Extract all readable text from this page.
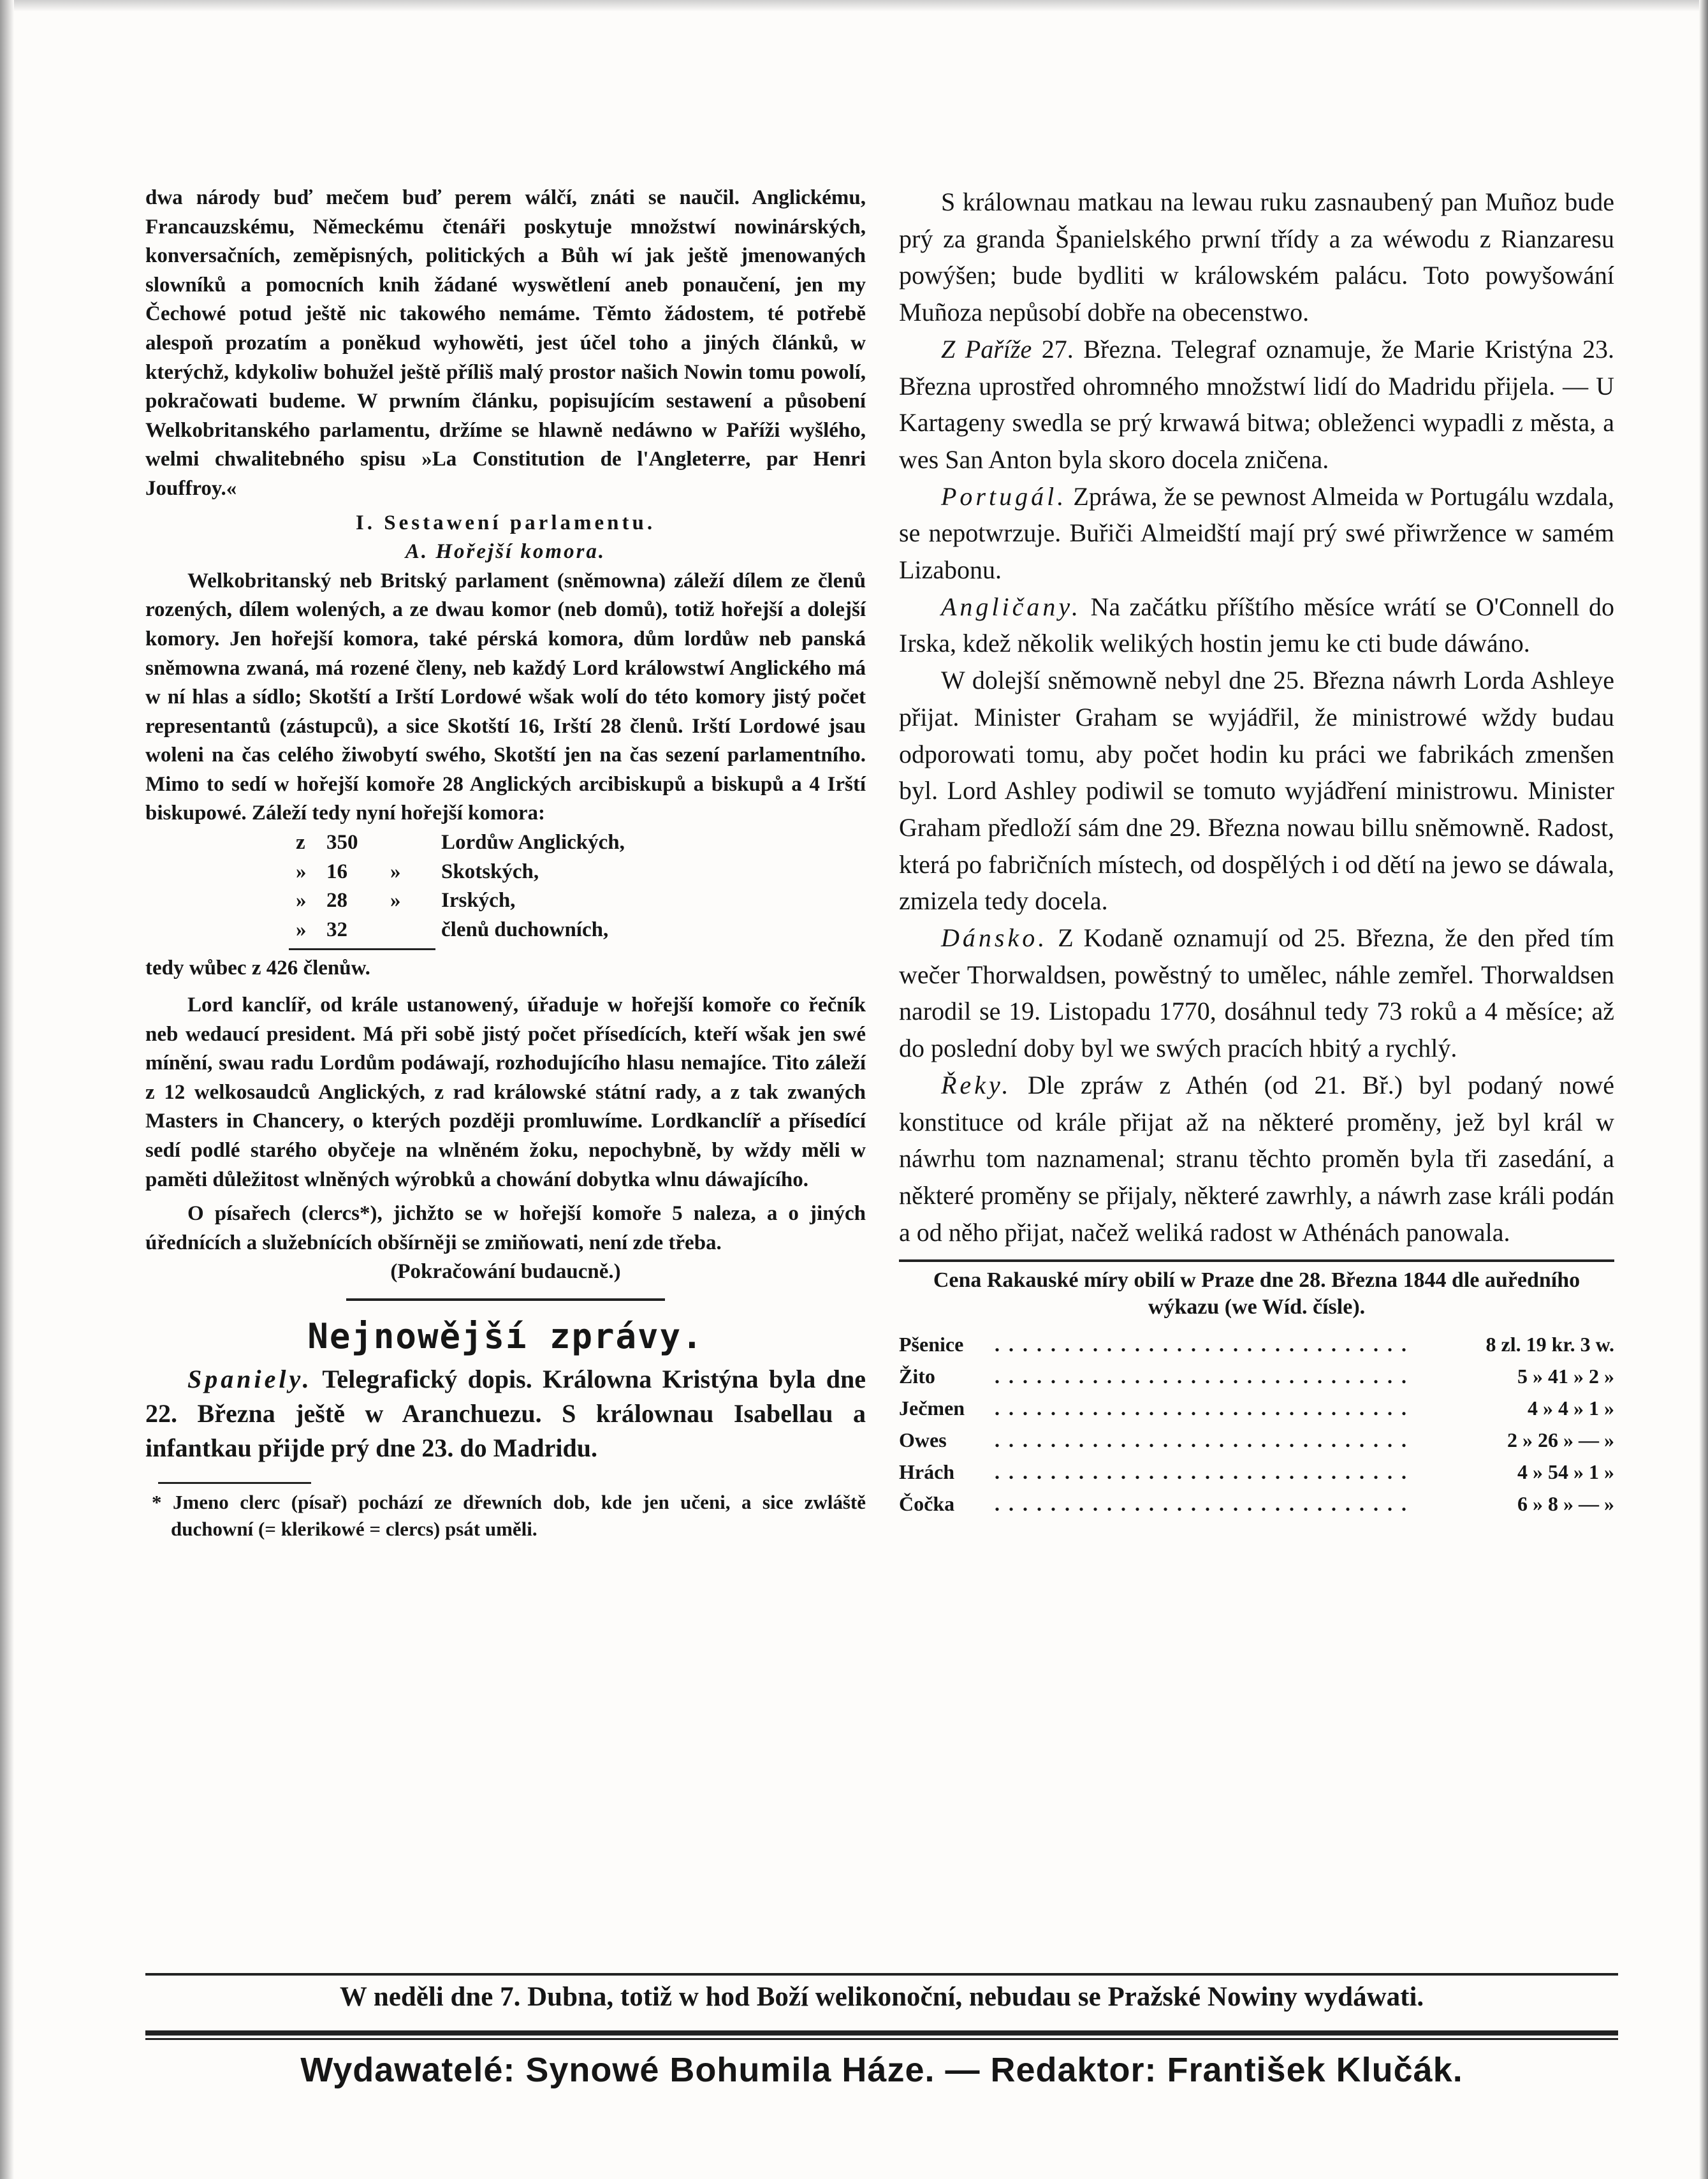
dwa národy buď mečem buď perem wálčí, znáti se naučil. Anglickému, Francauzskému, Německému čtenáři poskytuje množstwí nowinárských, konversačních, zeměpisných, politických a Bůh wí jak ještě jmenowaných slowníků a pomocních knih žádané wyswětlení aneb ponaučení, jen my Čechowé potud ještě nic takowého nemáme. Těmto žádostem, té potřebě alespoň prozatím a poněkud wyhowěti, jest účel toho a jiných článků, w kterýchž, kdykoliw bohužel ještě příliš malý prostor našich Nowin tomu powolí, pokračowati budeme. W prwním článku, popisujícím sestawení a působení Welkobritanského parlamentu, držíme se hlawně nedáwno w Paříži wyšlého, welmi chwalitebného spisu »La Constitution de l'Angleterre, par Henri Jouffroy.«

I. Sestawení parlamentu.

A. Hořejší komora.

Welkobritanský neb Britský parlament (sněmowna) záleží dílem ze členů rozených, dílem wolených, a ze dwau komor (neb domů), totiž hořejší a dolejší komory. Jen hořejší komora, také pérská komora, dům lordůw neb panská sněmowna zwaná, má rozené členy, neb každý Lord králowstwí Anglického má w ní hlas a sídlo; Skotští a Irští Lordowé wšak wolí do této komory jistý počet representantů (zástupců), a sice Skotští 16, Irští 28 členů. Irští Lordowé jsau woleni na čas celého žiwobytí swého, Skotští jen na čas sezení parlamentního. Mimo to sedí w hořejší komoře 28 Anglických arcibiskupů a biskupů a 4 Irští biskupowé. Záleží tedy nyní hořejší komora:

z 350	Lordůw Anglických,
» 16 » Skotských,
» 28 » Irských,
» 32	členů duchowních,

tedy wůbec z 426 členůw.

Lord kanclíř, od krále ustanowený, úřaduje w hořejší komoře co řečník neb wedaucí president. Má při sobě jistý počet přísedících, kteří wšak jen swé mínění, swau radu Lordům podáwají, rozhodujícího hlasu nemajíce. Tito záleží z 12 welkosaudců Anglických, z rad králowské státní rady, a z tak zwaných Masters in Chancery, o kterých později promluwíme. Lordkanclíř a přísedící sedí podlé starého obyčeje na wlněném žoku, nepochybně, by wždy měli w paměti důležitost wlněných wýrobků a chowání dobytka wlnu dáwajícího.

O písařech (clercs*), jichžto se w hořejší komoře 5 naleza, a o jiných úřednících a služebnících obšírněji se zmiňowati, není zde třeba.

(Pokračowání budaucně.)

Nejnowější zprávy.

Spaniely. Telegrafický dopis. Králowna Kristýna byla dne 22. Března ještě w Aranchuezu. S králownau Isabellau a infantkau přijde prý dne 23. do Madridu.

* Jmeno clerc (písař) pochází ze dřewních dob, kde jen učeni, a sice zwláště duchowní (= klerikowé = clercs) psát uměli.

S králownau matkau na lewau ruku zasnaubený pan Muñoz bude prý za granda Španielského prwní třídy a za wéwodu z Rianzaresu powýšen; bude bydliti w králowském palácu. Toto powyšowání Muñoza nepůsobí dobře na obecenstwo.

Z Paříže 27. Března. Telegraf oznamuje, že Marie Kristýna 23. Března uprostřed ohromného množstwí lidí do Madridu přijela. — U Kartageny swedla se prý krwawá bitwa; obleženci wypadli z města, a wes San Anton byla skoro docela zničena.

Portugál. Zpráwa, že se pewnost Almeida w Portugálu wzdala, se nepotwrzuje. Buřiči Almeidští mají prý swé přiwržence w samém Lizabonu.

Angličany. Na začátku příštího měsíce wrátí se O'Connell do Irska, kdež několik welikých hostin jemu ke cti bude dáwáno.

W dolejší sněmowně nebyl dne 25. Března náwrh Lorda Ashleye přijat. Minister Graham se wyjádřil, že ministrowé wždy budau odporowati tomu, aby počet hodin ku práci we fabrikách zmenšen byl. Lord Ashley podiwil se tomuto wyjádření ministrowu. Minister Graham předloží sám dne 29. Března nowau billu sněmowně. Radost, která po fabričních místech, od dospělých i od dětí na jewo se dáwala, zmizela tedy docela.

Dánsko. Z Kodaně oznamují od 25. Března, že den před tím wečer Thorwaldsen, powěstný to umělec, náhle zemřel. Thorwaldsen narodil se 19. Listopadu 1770, dosáhnul tedy 73 roků a 4 měsíce; až do poslední doby byl we swých pracích hbitý a rychlý.

Řeky. Dle zpráw z Athén (od 21. Bř.) byl podaný nowé konstituce od krále přijat až na některé proměny, jež byl král w náwrhu tom naznamenal; stranu těchto proměn byla tři zasedání, a některé proměny se přijaly, některé zawrhly, a náwrh zase králi podán a od něho přijat, načež weliká radost w Athénách panowala.

Cena Rakauské míry obilí w Praze dne 28. Března 1844 dle auředního wýkazu (we Wíd. čísle).
Pšenice	..............................	8 zl. 19 kr. 3 w.
Žito	..............................	5 » 41 » 2 »
Ječmen	..............................	4 » 4 » 1 »
Owes	..............................	2 » 26 » — »
Hrách	..............................	4 » 54 » 1 »
Čočka	..............................	6 » 8 » — »

W neděli dne 7. Dubna, totiž w hod Boží welikonoční, nebudau se Pražské Nowiny wydáwati.

Wydawatelé: Synowé Bohumila Háze. — Redaktor: František Klučák.
